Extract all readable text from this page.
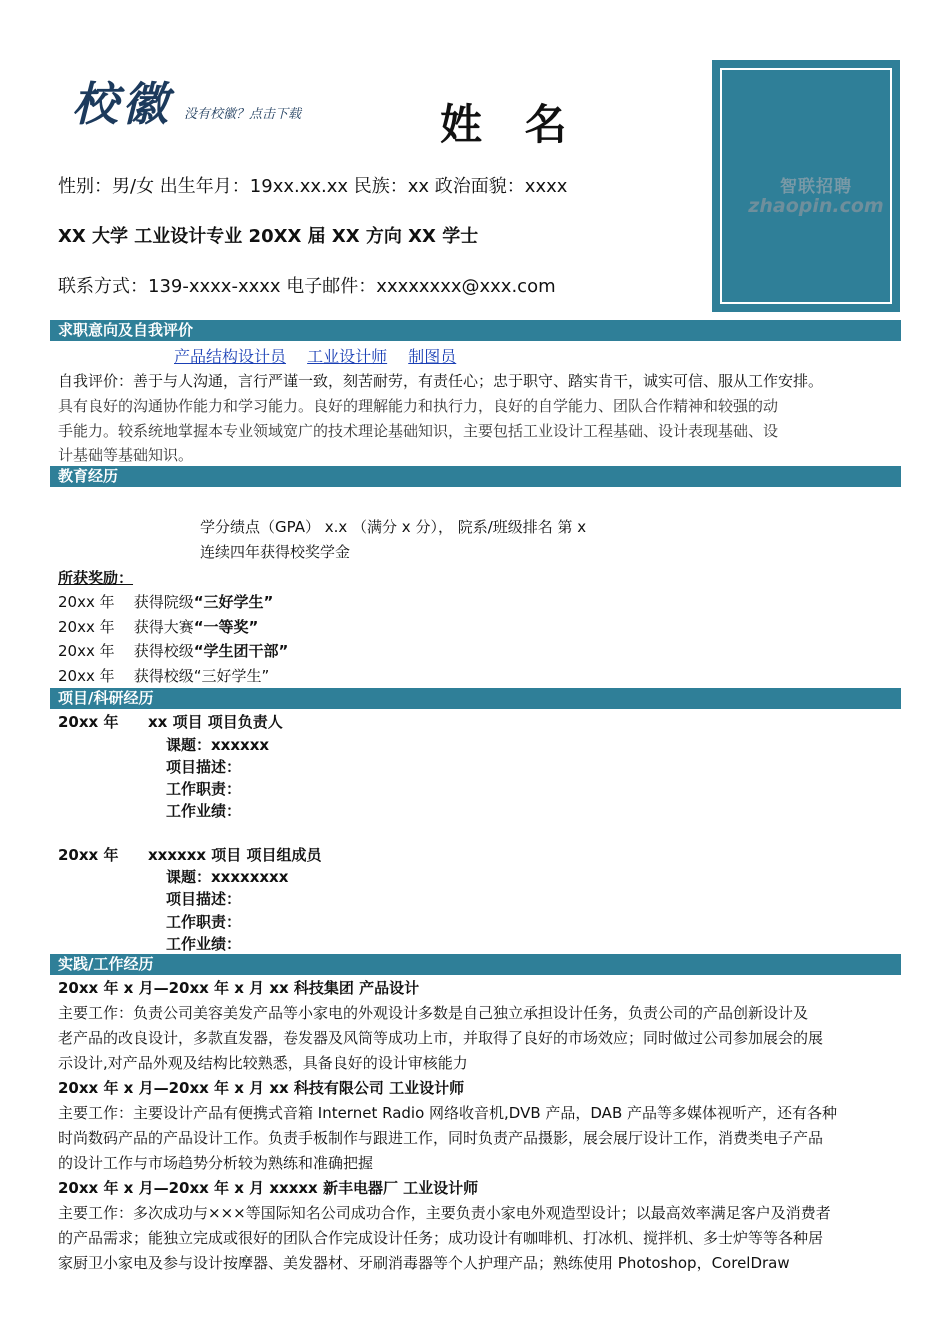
校徽 没有校徽？点击下载	姓 名
性别：男/女 出生年月：19xx.xx.xx 民族：xx 政治面貌：xxxx
XX 大学 工业设计专业 20XX 届 XX 方向 XX 学士
联系方式：139-xxxx-xxxx 电子邮件：xxxxxxxx@xxx.com
智联招聘
zhaopin.com
求职意向及自我评价
产品结构设计员 工业设计师 制图员
自我评价：善于与人沟通，言行严谨一致，刻苦耐劳，有责任心；忠于职守、踏实肯干，诚实可信、服从工作安排。
具有良好的沟通协作能力和学习能力。良好的理解能力和执行力，良好的自学能力、团队合作精神和较强的动
手能力。较系统地掌握本专业领域宽广的技术理论基础知识，主要包括工业设计工程基础、设计表现基础、设
计基础等基础知识。
教育经历
学分绩点（GPA） x.x （满分 x 分）， 院系/班级排名 第 x
连续四年获得校奖学金
所获奖励：
20xx 年 获得院级“三好学生”
20xx 年 获得大赛“一等奖”
20xx 年 获得校级“学生团干部”
20xx 年 获得校级“三好学生”
项目/科研经历
20xx 年 xx 项目 项目负责人
课题：xxxxxx
项目描述：
工作职责：
工作业绩：
20xx 年 xxxxxx 项目 项目组成员
课题：xxxxxxxx
项目描述：
工作职责：
工作业绩：
实践/工作经历
20xx 年 x 月—20xx 年 x 月 xx 科技集团 产品设计
主要工作：负责公司美容美发产品等小家电的外观设计多数是自己独立承担设计任务，负责公司的产品创新设计及
老产品的改良设计，多款直发器，卷发器及风筒等成功上市，并取得了良好的市场效应；同时做过公司参加展会的展
示设计,对产品外观及结构比较熟悉，具备良好的设计审核能力
20xx 年 x 月—20xx 年 x 月 xx 科技有限公司 工业设计师
主要工作：主要设计产品有便携式音箱 Internet Radio 网络收音机,DVB 产品，DAB 产品等多媒体视听产，还有各种
时尚数码产品的产品设计工作。负责手板制作与跟进工作，同时负责产品摄影，展会展厅设计工作，消费类电子产品
的设计工作与市场趋势分析较为熟练和准确把握
20xx 年 x 月—20xx 年 x 月 xxxxx 新丰电器厂 工业设计师
主要工作：多次成功与×××等国际知名公司成功合作，主要负责小家电外观造型设计；以最高效率满足客户及消费者
的产品需求；能独立完成或很好的团队合作完成设计任务；成功设计有咖啡机、打冰机、搅拌机、多士炉等等各种居
家厨卫小家电及参与设计按摩器、美发器材、牙刷消毒器等个人护理产品；熟练使用 Photoshop，CorelDraw
